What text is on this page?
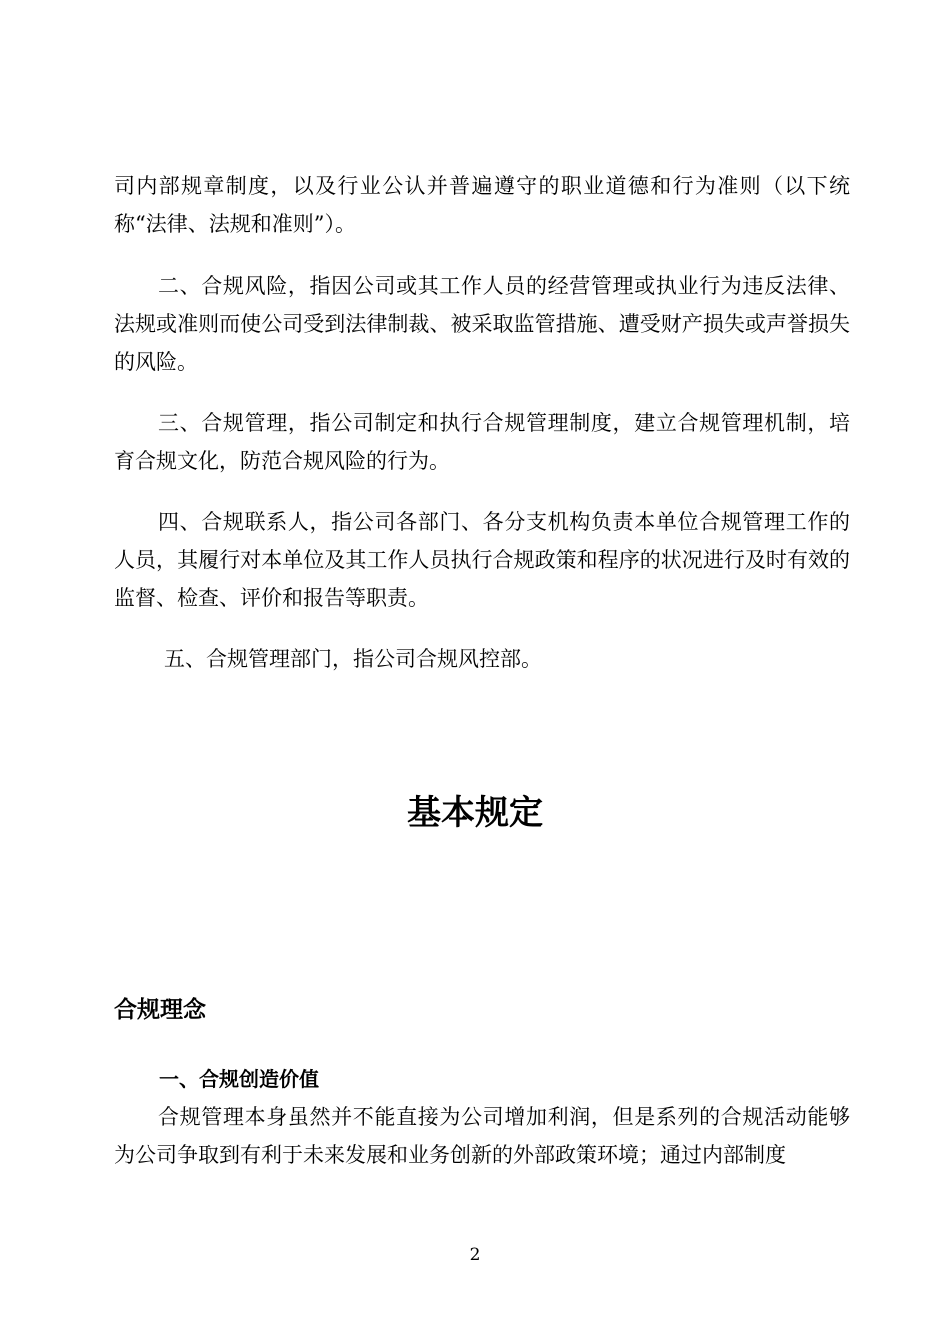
司内部规章制度，以及行业公认并普遍遵守的职业道德和行为准则（以下统称“法律、法规和准则”）。

二、合规风险，指因公司或其工作人员的经营管理或执业行为违反法律、法规或准则而使公司受到法律制裁、被采取监管措施、遭受财产损失或声誉损失的风险。

三、合规管理，指公司制定和执行合规管理制度，建立合规管理机制，培育合规文化，防范合规风险的行为。

四、合规联系人，指公司各部门、各分支机构负责本单位合规管理工作的人员，其履行对本单位及其工作人员执行合规政策和程序的状况进行及时有效的监督、检查、评价和报告等职责。

五、合规管理部门，指公司合规风控部。

基本规定
合规理念
一、合规创造价值

合规管理本身虽然并不能直接为公司增加利润，但是系列的合规活动能够为公司争取到有利于未来发展和业务创新的外部政策环境；通过内部制度

2
